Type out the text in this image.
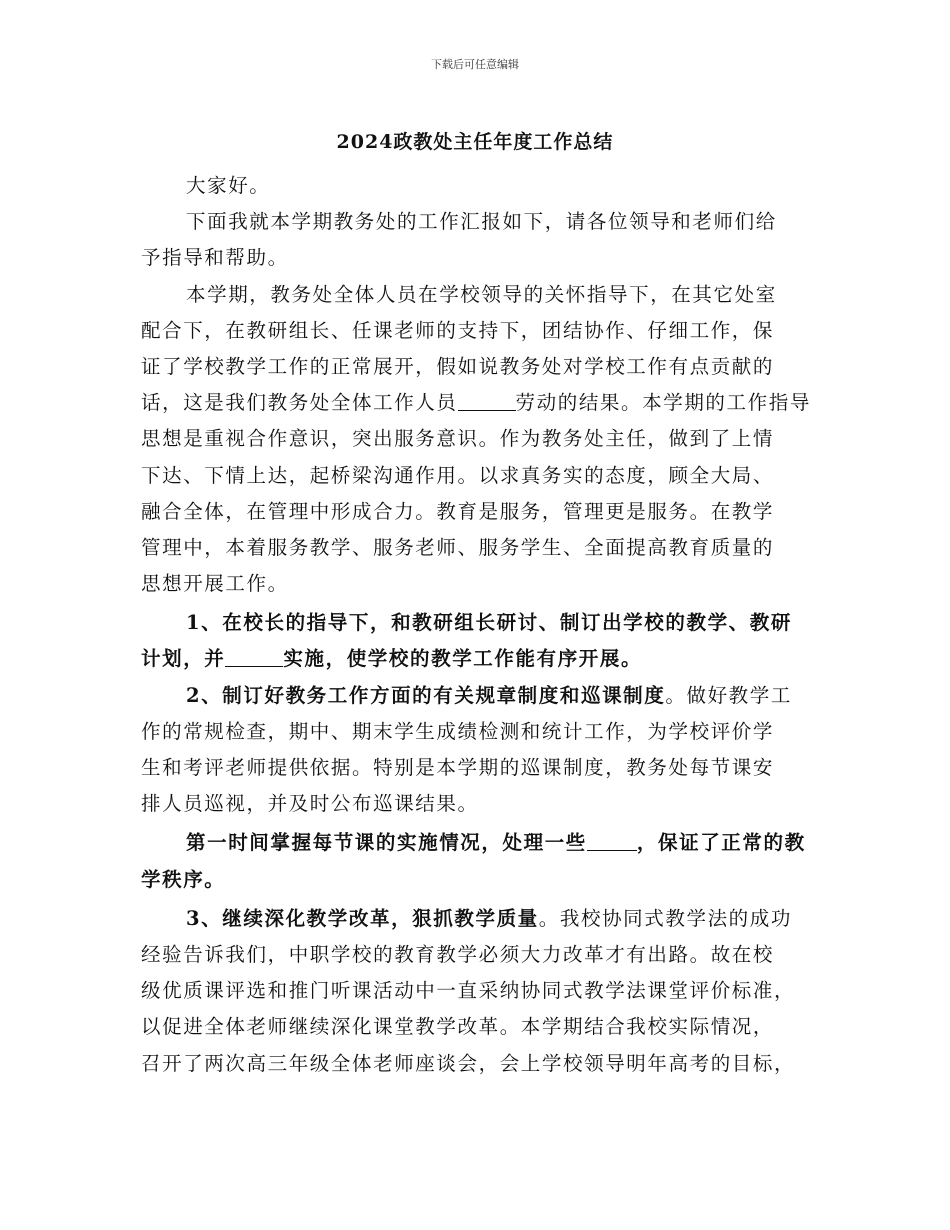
下载后可任意编辑
2024政教处主任年度工作总结
大家好。
下面我就本学期教务处的工作汇报如下，请各位领导和老师们给
予指导和帮助。
本学期，教务处全体人员在学校领导的关怀指导下，在其它处室
配合下，在教研组长、任课老师的支持下，团结协作、仔细工作，保
证了学校教学工作的正常展开，假如说教务处对学校工作有点贡献的
话，这是我们教务处全体工作人员	劳动的结果。本学期的工作指导
思想是重视合作意识，突出服务意识。作为教务处主任，做到了上情
下达、下情上达，起桥梁沟通作用。以求真务实的态度，顾全大局、
融合全体，在管理中形成合力。教育是服务，管理更是服务。在教学
管理中，本着服务教学、服务老师、服务学生、全面提高教育质量的
思想开展工作。
1、在校长的指导下，和教研组长研讨、制订出学校的教学、教研
计划，并	实施，使学校的教学工作能有序开展。
2、制订好教务工作方面的有关规章制度和巡课制度。做好教学工
作的常规检查，期中、期末学生成绩检测和统计工作，为学校评价学
生和考评老师提供依据。特别是本学期的巡课制度，教务处每节课安
排人员巡视，并及时公布巡课结果。
第一时间掌握每节课的实施情况，处理一些	，保证了正常的教
学秩序。
3、继续深化教学改革，狠抓教学质量。我校协同式教学法的成功
经验告诉我们，中职学校的教育教学必须大力改革才有出路。故在校
级优质课评选和推门听课活动中一直采纳协同式教学法课堂评价标准，
以促进全体老师继续深化课堂教学改革。本学期结合我校实际情况，
召开了两次高三年级全体老师座谈会，会上学校领导明年高考的目标，
